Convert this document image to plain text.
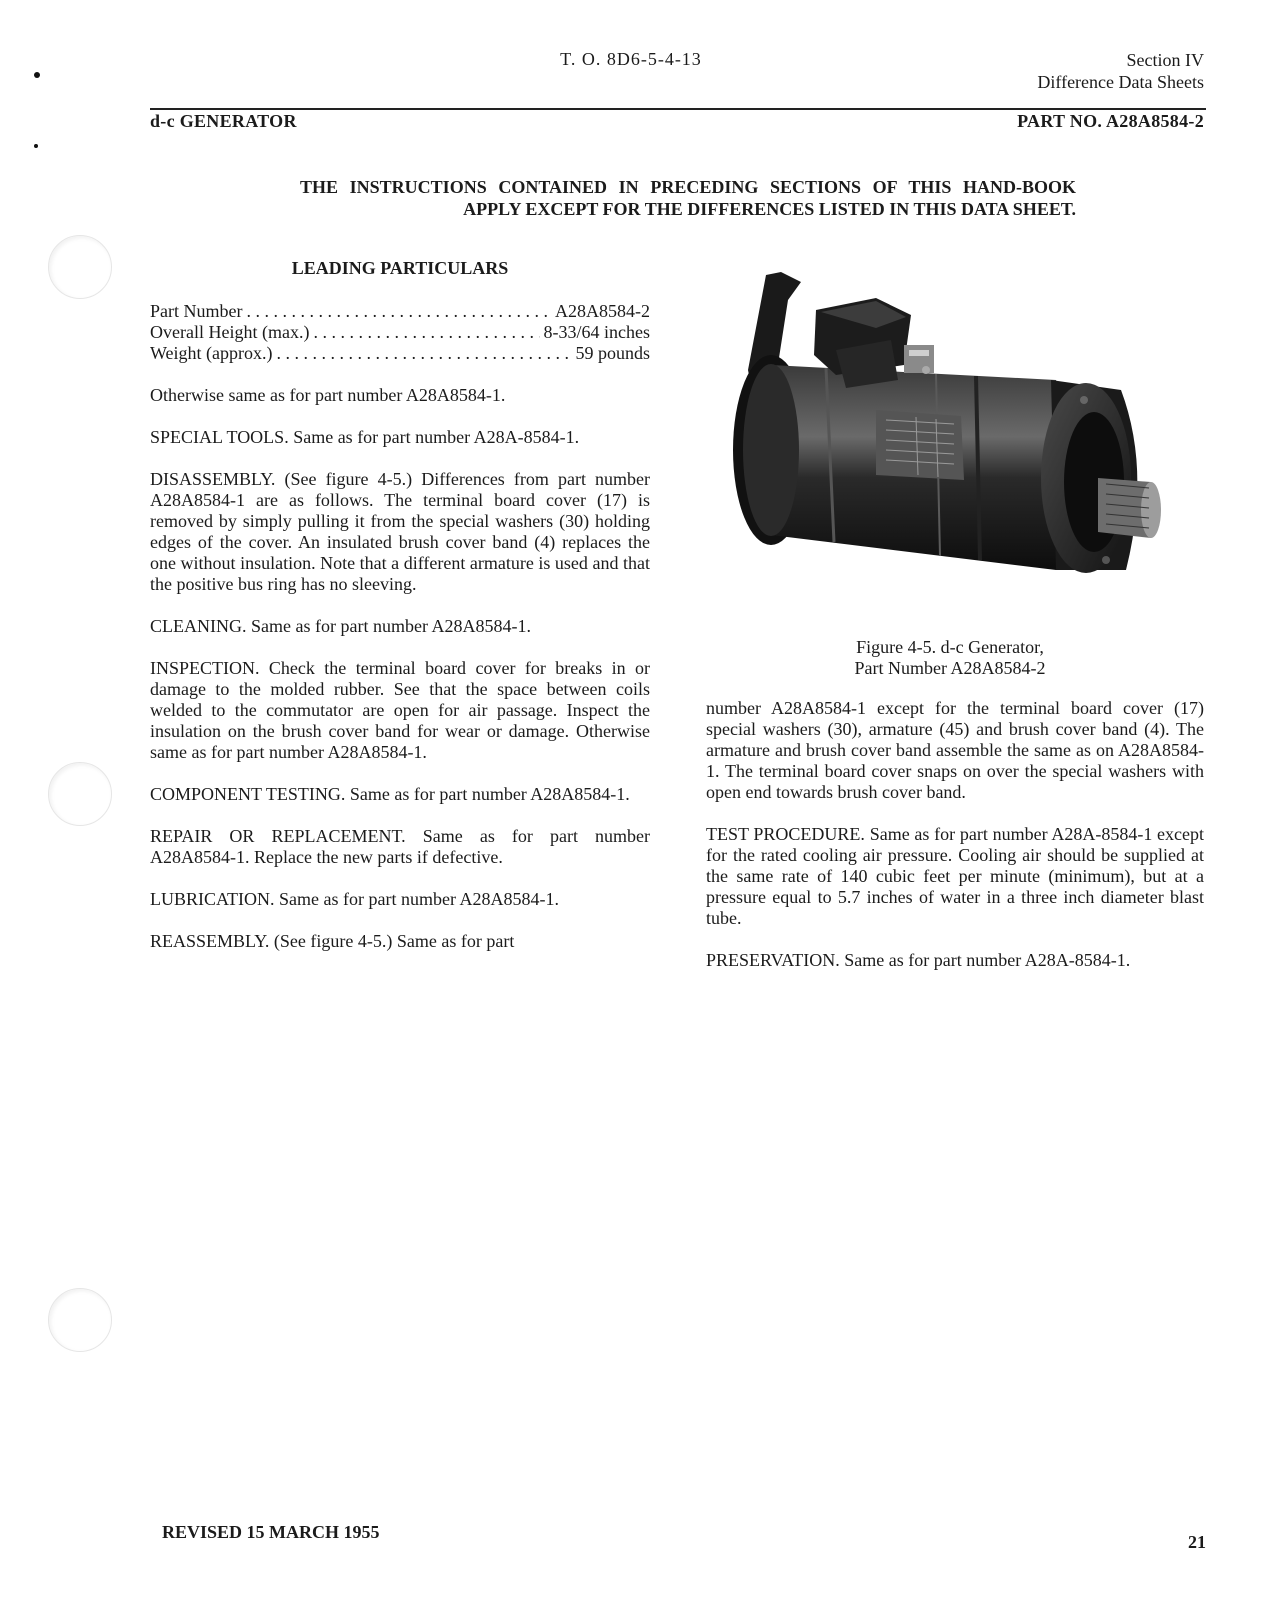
T. O. 8D6-5-4-13	Section IV
Difference Data Sheets
d-c GENERATOR	PART NO. A28A8584-2
THE INSTRUCTIONS CONTAINED IN PRECEDING SECTIONS OF THIS HAND-BOOK APPLY EXCEPT FOR THE DIFFERENCES LISTED IN THIS DATA SHEET.
LEADING PARTICULARS
Part Number . . .	A28A8584-2
Overall Height (max.) . . .	8-33/64 inches
Weight (approx.) . . .	59 pounds

Otherwise same as for part number A28A8584-1.

SPECIAL TOOLS. Same as for part number A28A-8584-1.

DISASSEMBLY. (See figure 4-5.) Differences from part number A28A8584-1 are as follows. The terminal board cover (17) is removed by simply pulling it from the special washers (30) holding edges of the cover. An insulated brush cover band (4) replaces the one without insulation. Note that a different armature is used and that the positive bus ring has no sleeving.

CLEANING. Same as for part number A28A8584-1.

INSPECTION. Check the terminal board cover for breaks in or damage to the molded rubber. See that the space between coils welded to the commutator are open for air passage. Inspect the insulation on the brush cover band for wear or damage. Otherwise same as for part number A28A8584-1.

COMPONENT TESTING. Same as for part number A28A8584-1.

REPAIR OR REPLACEMENT. Same as for part number A28A8584-1. Replace the new parts if defective.

LUBRICATION. Same as for part number A28A8584-1.

REASSEMBLY. (See figure 4-5.) Same as for part

Figure 4-5. d-c Generator,
Part Number A28A8584-2

number A28A8584-1 except for the terminal board cover (17) special washers (30), armature (45) and brush cover band (4). The armature and brush cover band assemble the same as on A28A8584-1. The terminal board cover snaps on over the special washers with open end towards brush cover band.

TEST PROCEDURE. Same as for part number A28A-8584-1 except for the rated cooling air pressure. Cooling air should be supplied at the same rate of 140 cubic feet per minute (minimum), but at a pressure equal to 5.7 inches of water in a three inch diameter blast tube.

PRESERVATION. Same as for part number A28A-8584-1.

REVISED 15 MARCH 1955	21
